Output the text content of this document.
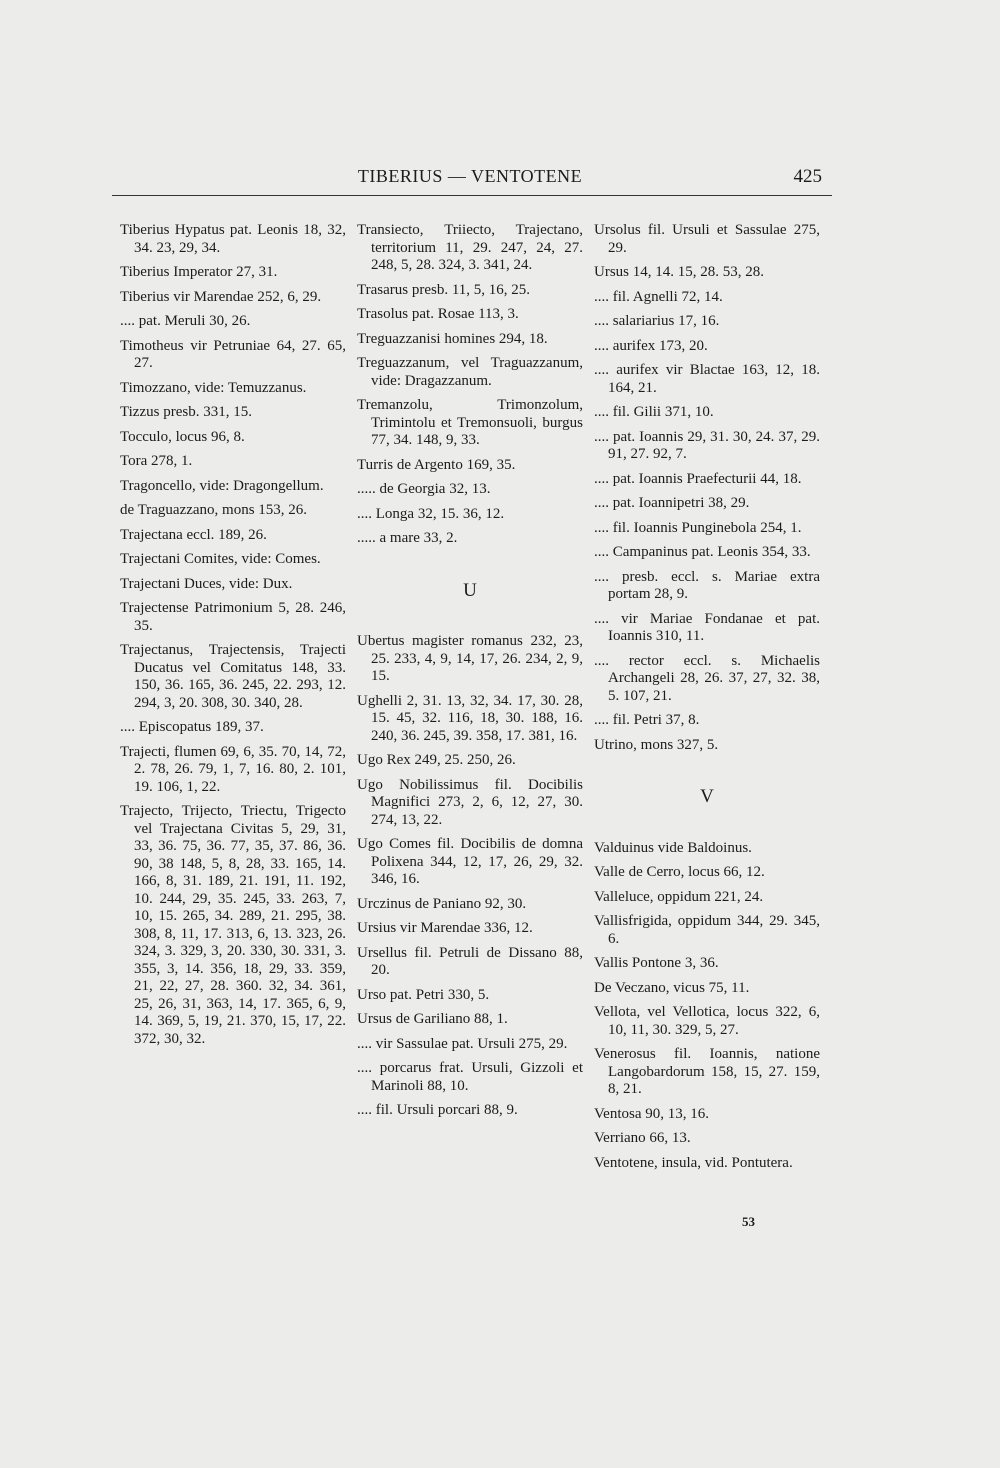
TIBERIUS — VENTOTENE	425

Tiberius Hypatus pat. Leonis 18, 32, 34. 23, 29, 34.

Tiberius Imperator 27, 31.

Tiberius vir Marendae 252, 6, 29.

.... pat. Meruli 30, 26.

Timotheus vir Petruniae 64, 27. 65, 27.

Timozzano, vide: Temuzzanus.

Tizzus presb. 331, 15.

Tocculo, locus 96, 8.

Tora 278, 1.

Tragoncello, vide: Dragongellum.

de Traguazzano, mons 153, 26.

Trajectana eccl. 189, 26.

Trajectani Comites, vide: Comes.

Trajectani Duces, vide: Dux.

Trajectense Patrimonium 5, 28. 246, 35.

Trajectanus, Trajectensis, Trajecti Ducatus vel Comitatus 148, 33. 150, 36. 165, 36. 245, 22. 293, 12. 294, 3, 20. 308, 30. 340, 28.

.... Episcopatus 189, 37.

Trajecti, flumen 69, 6, 35. 70, 14, 72, 2. 78, 26. 79, 1, 7, 16. 80, 2. 101, 19. 106, 1, 22.

Trajecto, Trijecto, Triectu, Trigecto vel Trajectana Civitas 5, 29, 31, 33, 36. 75, 36. 77, 35, 37. 86, 36. 90, 38 148, 5, 8, 28, 33. 165, 14. 166, 8, 31. 189, 21. 191, 11. 192, 10. 244, 29, 35. 245, 33. 263, 7, 10, 15. 265, 34. 289, 21. 295, 38. 308, 8, 11, 17. 313, 6, 13. 323, 26. 324, 3. 329, 3, 20. 330, 30. 331, 3. 355, 3, 14. 356, 18, 29, 33. 359, 21, 22, 27, 28. 360. 32, 34. 361, 25, 26, 31, 363, 14, 17. 365, 6, 9, 14. 369, 5, 19, 21. 370, 15, 17, 22. 372, 30, 32.

Transiecto, Triiecto, Trajectano, territorium 11, 29. 247, 24, 27. 248, 5, 28. 324, 3. 341, 24.

Trasarus presb. 11, 5, 16, 25.

Trasolus pat. Rosae 113, 3.

Treguazzanisi homines 294, 18.

Treguazzanum, vel Traguazzanum, vide: Dragazzanum.

Tremanzolu, Trimonzolum, Trimintolu et Tremonsuoli, burgus 77, 34. 148, 9, 33.

Turris de Argento 169, 35.

..... de Georgia 32, 13.

.... Longa 32, 15. 36, 12.

..... a mare 33, 2.

U

Ubertus magister romanus 232, 23, 25. 233, 4, 9, 14, 17, 26. 234, 2, 9, 15.

Ughelli 2, 31. 13, 32, 34. 17, 30. 28, 15. 45, 32. 116, 18, 30. 188, 16. 240, 36. 245, 39. 358, 17. 381, 16.

Ugo Rex 249, 25. 250, 26.

Ugo Nobilissimus fil. Docibilis Magnifici 273, 2, 6, 12, 27, 30. 274, 13, 22.

Ugo Comes fil. Docibilis de domna Polixena 344, 12, 17, 26, 29, 32. 346, 16.

Urczinus de Paniano 92, 30.

Ursius vir Marendae 336, 12.

Ursellus fil. Petruli de Dissano 88, 20.

Urso pat. Petri 330, 5.

Ursus de Gariliano 88, 1.

.... vir Sassulae pat. Ursuli 275, 29.

.... porcarus frat. Ursuli, Gizzoli et Marinoli 88, 10.

.... fil. Ursuli porcari 88, 9.

Ursolus fil. Ursuli et Sassulae 275, 29.

Ursus 14, 14. 15, 28. 53, 28.

.... fil. Agnelli 72, 14.

.... salariarius 17, 16.

.... aurifex 173, 20.

.... aurifex vir Blactae 163, 12, 18. 164, 21.

.... fil. Gilii 371, 10.

.... pat. Ioannis 29, 31. 30, 24. 37, 29. 91, 27. 92, 7.

.... pat. Ioannis Praefecturii 44, 18.

.... pat. Ioannipetri 38, 29.

.... fil. Ioannis Punginebola 254, 1.

.... Campaninus pat. Leonis 354, 33.

.... presb. eccl. s. Mariae extra portam 28, 9.

.... vir Mariae Fondanae et pat. Ioannis 310, 11.

.... rector eccl. s. Michaelis Archangeli 28, 26. 37, 27, 32. 38, 5. 107, 21.

.... fil. Petri 37, 8.

Utrino, mons 327, 5.

V

Valduinus vide Baldoinus.

Valle de Cerro, locus 66, 12.

Valleluce, oppidum 221, 24.

Vallisfrigida, oppidum 344, 29. 345, 6.

Vallis Pontone 3, 36.

De Veczano, vicus 75, 11.

Vellota, vel Vellotica, locus 322, 6, 10, 11, 30. 329, 5, 27.

Venerosus fil. Ioannis, natione Langobardorum 158, 15, 27. 159, 8, 21.

Ventosa 90, 13, 16.

Verriano 66, 13.

Ventotene, insula, vid. Pontutera.

53
